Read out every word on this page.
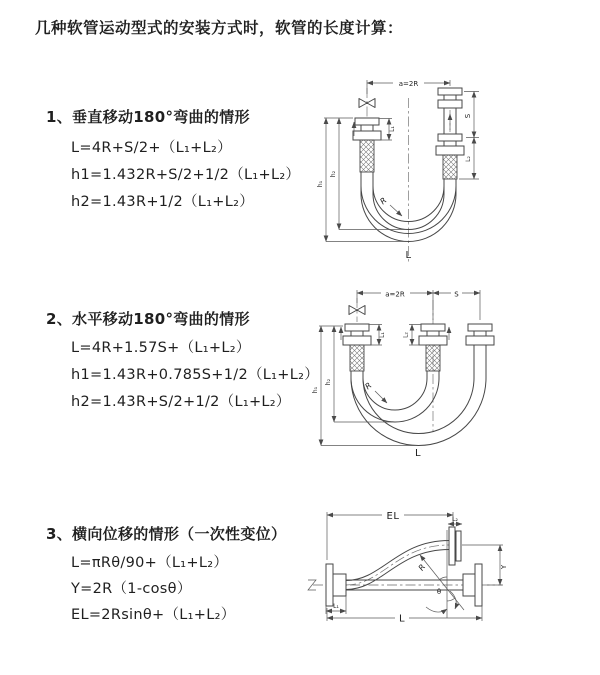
几种软管运动型式的安装方式时，软管的长度计算：
1、垂直移动180°弯曲的情形
L=4R+S/2+（L₁+L₂）
h1=1.432R+S/2+1/2（L₁+L₂）
h2=1.43R+1/2（L₁+L₂）
2、水平移动180°弯曲的情形
L=4R+1.57S+（L₁+L₂）
h1=1.43R+0.785S+1/2（L₁+L₂）
h2=1.43R+S/2+1/2（L₁+L₂）
3、横向位移的情形（一次性变位）
L=πRθ/90+（L₁+L₂）
Y=2R（1-cosθ）
EL=2Rsinθ+（L₁+L₂）
a=2R
S
L₂
L₁
h₂
h₁
R
L
a=2R	S
L₁	L₂
h₂
h₁	R
L
EL	L₂
Y
R
θ
L₁
L
